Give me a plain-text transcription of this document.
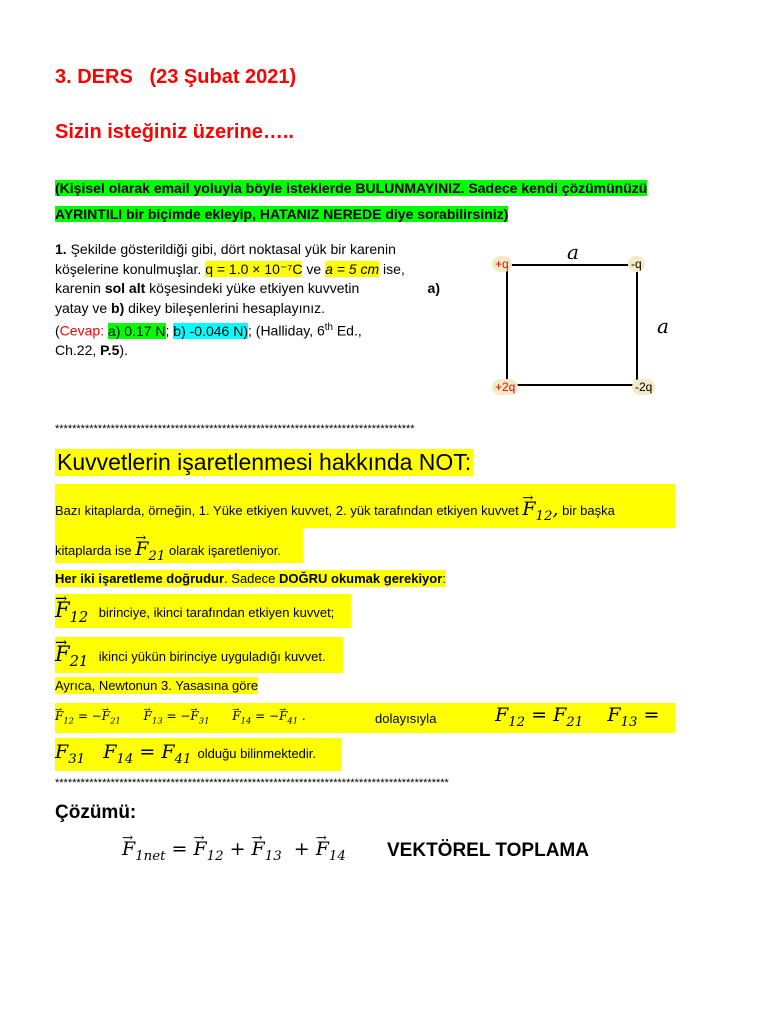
3. DERS   (23 Şubat 2021)
Sizin isteğiniz üzerine…..
(Kişisel olarak email yoluyla böyle isteklerde BULUNMAYINIZ. Sadece kendi çözümünüzü
AYRINTILI bir biçimde ekleyip, HATANIZ NEREDE diye sorabilirsiniz)
1. Şekilde gösterildiği gibi, dört noktasal yük bir karenin
köşelerine konulmuşlar. q = 1.0 × 10⁻⁷C ve a = 5 cm ise,
karenin sol alt köşesindeki yüke etkiyen kuvvetin	a)
yatay ve b) dikey bileşenlerini hesaplayınız.
(Cevap: a) 0.17 N; b) -0.046 N); (Halliday, 6th Ed.,
Ch.22, P.5).
a
a
+q	-q
+2q	-2q
************************************************************************************
Kuvvetlerin işaretlenmesi hakkında NOT:
Bazı kitaplarda, örneğin, 1. Yüke etkiyen kuvvet, 2. yük tarafından etkiyen kuvvet → $F_{12}$, bir başka
kitaplarda ise → $F_{21}$ olarak işaretleniyor.
Her iki işaretleme doğrudur. Sadece DOĞRU okumak gerekiyor:
→ $F_{12}$ birinciye, ikinci tarafından etkiyen kuvvet;
→ $F_{21}$ ikinci yükün birinciye uyguladığı kuvvet.
Ayrıca, Newtonun 3. Yasasına göre
→ $F_{12}$ = −→ $F_{21}$      → $F_{13}$ = −→ $F_{31}$      → $F_{14}$ = −→ $F_{41}$ .	dolayısıyla	$F_{12} = F_{21}$ $F_{13}$ =
$F_{31}$ $F_{14} = F_{41}$ olduğu bilinmektedir.
********************************************************************************************
Çözümü:
→ $F_{1net}$ = → $F_{12}$ + → $F_{13}$  + → $F_{14}$ VEKTÖREL TOPLAMA
